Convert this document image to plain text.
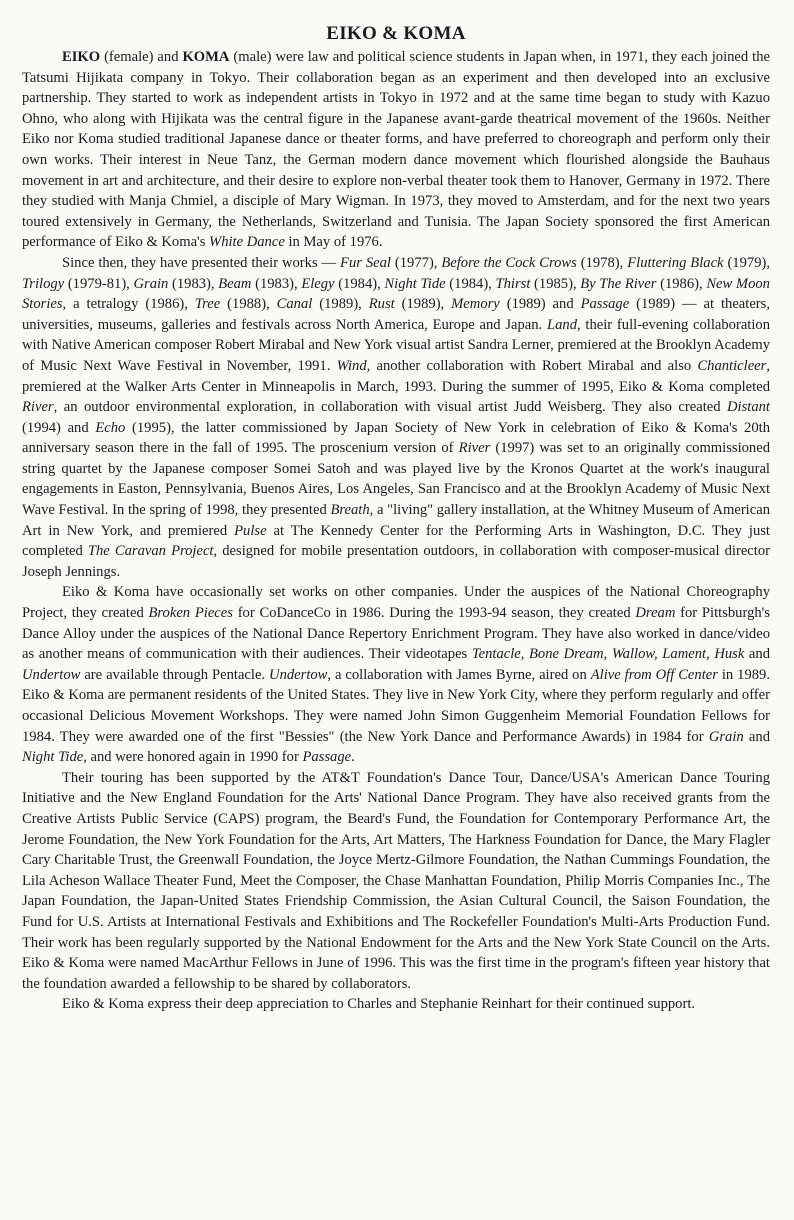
EIKO & KOMA

EIKO (female) and KOMA (male) were law and political science students in Japan when, in 1971, they each joined the Tatsumi Hijikata company in Tokyo. Their collaboration began as an experiment and then developed into an exclusive partnership. They started to work as independent artists in Tokyo in 1972 and at the same time began to study with Kazuo Ohno, who along with Hijikata was the central figure in the Japanese avant-garde theatrical movement of the 1960s. Neither Eiko nor Koma studied traditional Japanese dance or theater forms, and have preferred to choreograph and perform only their own works. Their interest in Neue Tanz, the German modern dance movement which flourished alongside the Bauhaus movement in art and architecture, and their desire to explore non-verbal theater took them to Hanover, Germany in 1972. There they studied with Manja Chmiel, a disciple of Mary Wigman. In 1973, they moved to Amsterdam, and for the next two years toured extensively in Germany, the Netherlands, Switzerland and Tunisia. The Japan Society sponsored the first American performance of Eiko & Koma's White Dance in May of 1976.

Since then, they have presented their works — Fur Seal (1977), Before the Cock Crows (1978), Fluttering Black (1979), Trilogy (1979-81), Grain (1983), Beam (1983), Elegy (1984), Night Tide (1984), Thirst (1985), By The River (1986), New Moon Stories, a tetralogy (1986), Tree (1988), Canal (1989), Rust (1989), Memory (1989) and Passage (1989) — at theaters, universities, museums, galleries and festivals across North America, Europe and Japan. Land, their full-evening collaboration with Native American composer Robert Mirabal and New York visual artist Sandra Lerner, premiered at the Brooklyn Academy of Music Next Wave Festival in November, 1991. Wind, another collaboration with Robert Mirabal and also Chanticleer, premiered at the Walker Arts Center in Minneapolis in March, 1993. During the summer of 1995, Eiko & Koma completed River, an outdoor environmental exploration, in collaboration with visual artist Judd Weisberg. They also created Distant (1994) and Echo (1995), the latter commissioned by Japan Society of New York in celebration of Eiko & Koma's 20th anniversary season there in the fall of 1995. The proscenium version of River (1997) was set to an originally commissioned string quartet by the Japanese composer Somei Satoh and was played live by the Kronos Quartet at the work's inaugural engagements in Easton, Pennsylvania, Buenos Aires, Los Angeles, San Francisco and at the Brooklyn Academy of Music Next Wave Festival. In the spring of 1998, they presented Breath, a "living" gallery installation, at the Whitney Museum of American Art in New York, and premiered Pulse at The Kennedy Center for the Performing Arts in Washington, D.C. They just completed The Caravan Project, designed for mobile presentation outdoors, in collaboration with composer-musical director Joseph Jennings.

Eiko & Koma have occasionally set works on other companies. Under the auspices of the National Choreography Project, they created Broken Pieces for CoDanceCo in 1986. During the 1993-94 season, they created Dream for Pittsburgh's Dance Alloy under the auspices of the National Dance Repertory Enrichment Program. They have also worked in dance/video as another means of communication with their audiences. Their videotapes Tentacle, Bone Dream, Wallow, Lament, Husk and Undertow are available through Pentacle. Undertow, a collaboration with James Byrne, aired on Alive from Off Center in 1989. Eiko & Koma are permanent residents of the United States. They live in New York City, where they perform regularly and offer occasional Delicious Movement Workshops. They were named John Simon Guggenheim Memorial Foundation Fellows for 1984. They were awarded one of the first "Bessies" (the New York Dance and Performance Awards) in 1984 for Grain and Night Tide, and were honored again in 1990 for Passage.

Their touring has been supported by the AT&T Foundation's Dance Tour, Dance/USA's American Dance Touring Initiative and the New England Foundation for the Arts' National Dance Program. They have also received grants from the Creative Artists Public Service (CAPS) program, the Beard's Fund, the Foundation for Contemporary Performance Art, the Jerome Foundation, the New York Foundation for the Arts, Art Matters, The Harkness Foundation for Dance, the Mary Flagler Cary Charitable Trust, the Greenwall Foundation, the Joyce Mertz-Gilmore Foundation, the Nathan Cummings Foundation, the Lila Acheson Wallace Theater Fund, Meet the Composer, the Chase Manhattan Foundation, Philip Morris Companies Inc., The Japan Foundation, the Japan-United States Friendship Commission, the Asian Cultural Council, the Saison Foundation, the Fund for U.S. Artists at International Festivals and Exhibitions and The Rockefeller Foundation's Multi-Arts Production Fund. Their work has been regularly supported by the National Endowment for the Arts and the New York State Council on the Arts. Eiko & Koma were named MacArthur Fellows in June of 1996. This was the first time in the program's fifteen year history that the foundation awarded a fellowship to be shared by collaborators.

Eiko & Koma express their deep appreciation to Charles and Stephanie Reinhart for their continued support.
